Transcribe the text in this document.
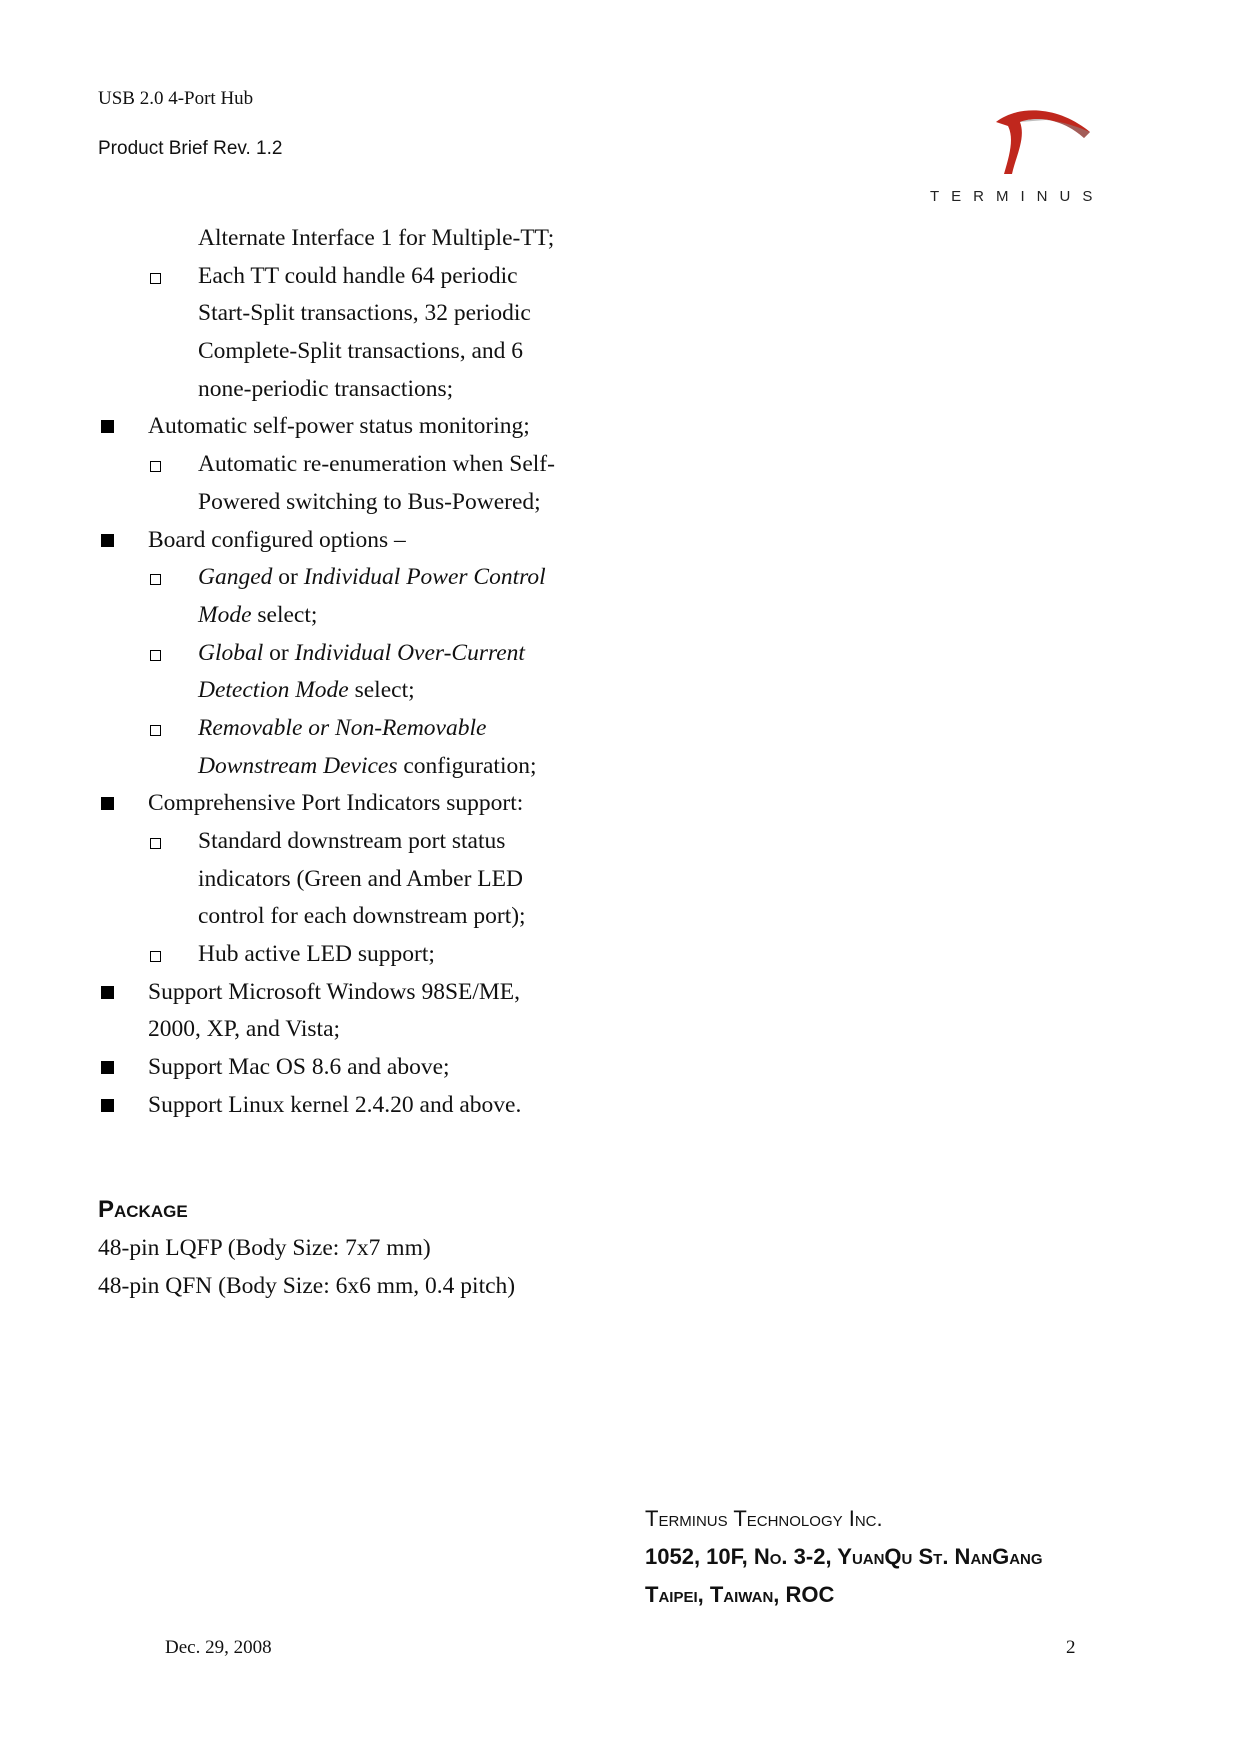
USB 2.0 4-Port Hub
Product Brief Rev. 1.2
TERMINUS
Alternate Interface 1 for Multiple-TT;
Each TT could handle 64 periodic
Start-Split transactions, 32 periodic
Complete-Split transactions, and 6
none-periodic transactions;
Automatic self-power status monitoring;
Automatic re-enumeration when Self-
Powered switching to Bus-Powered;
Board configured options –
Ganged or Individual Power Control
Mode select;
Global or Individual Over-Current
Detection Mode select;
Removable or Non-Removable
Downstream Devices configuration;
Comprehensive Port Indicators support:
Standard downstream port status
indicators (Green and Amber LED
control for each downstream port);
Hub active LED support;
Support Microsoft Windows 98SE/ME,
2000, XP, and Vista;
Support Mac OS 8.6 and above;
Support Linux kernel 2.4.20 and above.
Package
48-pin LQFP (Body Size: 7x7 mm)
48-pin QFN (Body Size: 6x6 mm, 0.4 pitch)
Terminus Technology Inc.
1052, 10F, No. 3-2, YuanQu St. NanGang
Taipei, Taiwan, ROC
Dec. 29, 2008	2
